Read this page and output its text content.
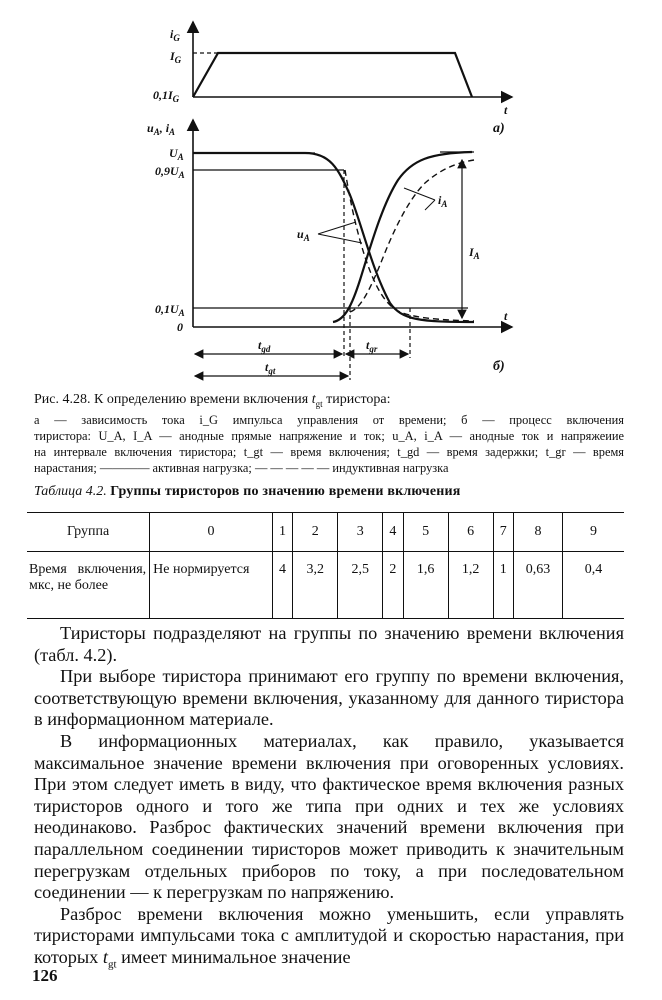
$i_G$
$I_G$
$0,1I_G$
t
а)
$u_A$, $i_A$
$U_A$
$0,9U_A$
$0,1U_A$
0
t
$i_A$
$u_A$
$I_A$
$t_{gd}$	$t_{gr}$
$t_{gt}$	б)
Рис. 4.28. К определению времени включения $t_{gt}$ тиристора:
а — зависимость тока i_G импульса управления от времени; б — процесс включения
тиристора: U_A, I_A — анодные прямые напряжение и ток; u_A, i_A — анодные ток и напряжеиие
на интервале включения тиристора; t_gt — время включения; t_gd — время задержки; t_gr — время
нарастания; ———— активная нагрузка; — — — — — индуктивная нагрузка
Таблица 4.2. Группы тиристоров по значению времени включения
Группа	0	1	2	3	4	5	6	7	8	9
Время включения, мкс, не более	Не нормируется	4	3,2	2,5	2	1,6	1,2	1	0,63	0,4

Тиристоры подразделяют на группы по значению времени включения (табл. 4.2).

При выборе тиристора принимают его группу по времени включения, соответствующую времени включения, указанному для данного тиристора в информационном материале.

В информационных материалах, как правило, указывается максимальное значение времени включения при оговоренных условиях. При этом следует иметь в виду, что фактическое время включения разных тиристоров одного и того же типа при одних и тех же условиях неодинаково. Разброс фактических значений времени включения при параллельном соединении тиристоров может приводить к значительным перегрузкам отдельных приборов по току, а при последовательном соединении — к перегрузкам по напряжению.

Разброс времени включения можно уменьшить, если управлять тиристорами импульсами тока с амплитудой и скоростью нарастания, при которых $t_{gt}$ имеет минимальное значение

126
